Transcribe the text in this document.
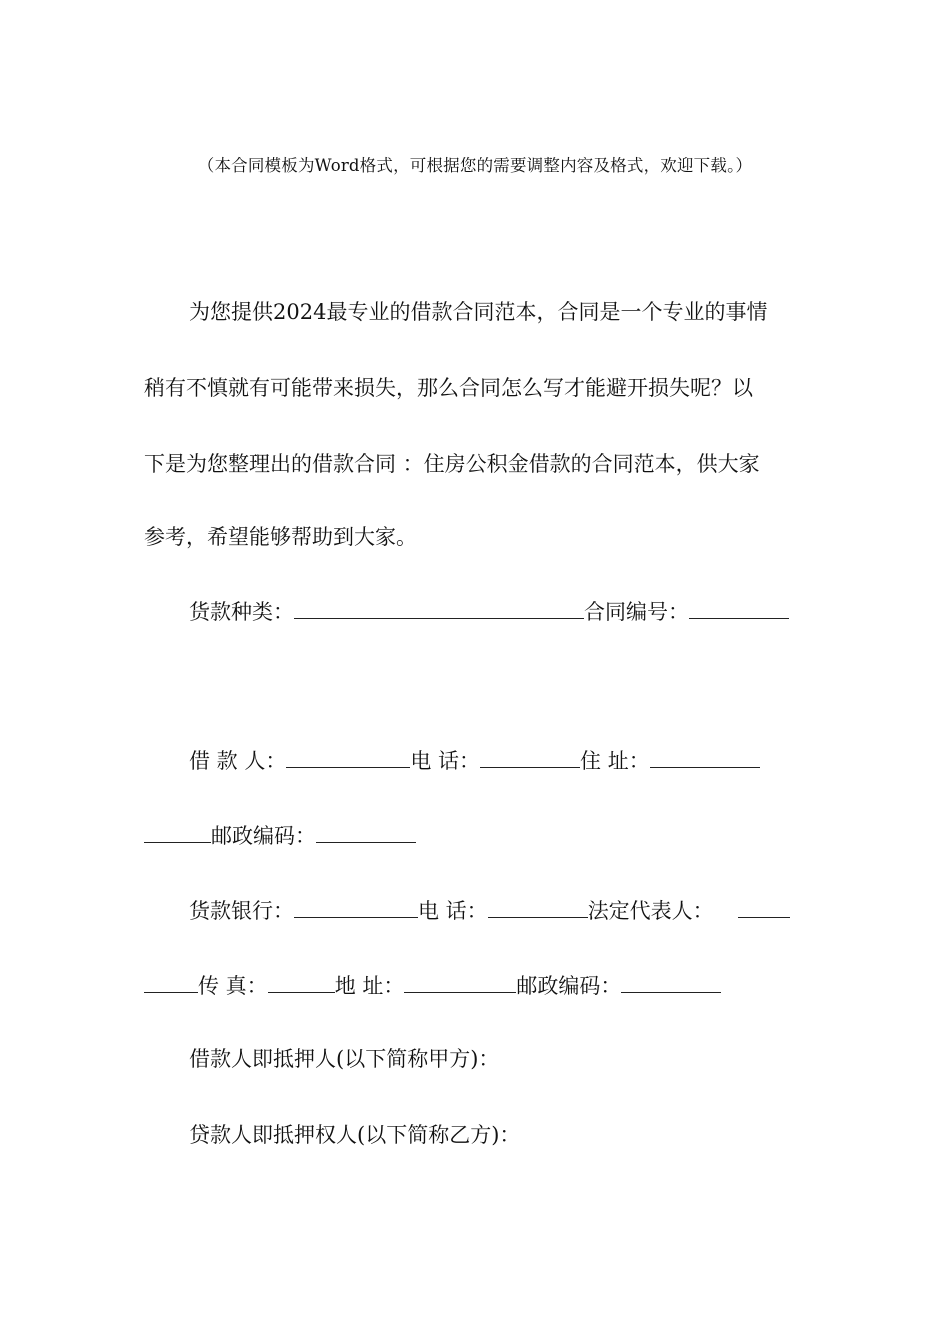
（本合同模板为Word格式，可根据您的需要调整内容及格式，欢迎下载。）
为您提供2024最专业的借款合同范本，合同是一个专业的事情
稍有不慎就有可能带来损失，那么合同怎么写才能避开损失呢？以
下是为您整理出的借款合同 ：住房公积金借款的合同范本，供大家
参考，希望能够帮助到大家。
货款种类：	合同编号：
借 款 人：	电 话：	住 址：
邮政编码：
货款银行：	电 话：	法定代表人：
传 真：	地 址：	邮政编码：
借款人即抵押人(以下简称甲方)：
贷款人即抵押权人(以下简称乙方)：
